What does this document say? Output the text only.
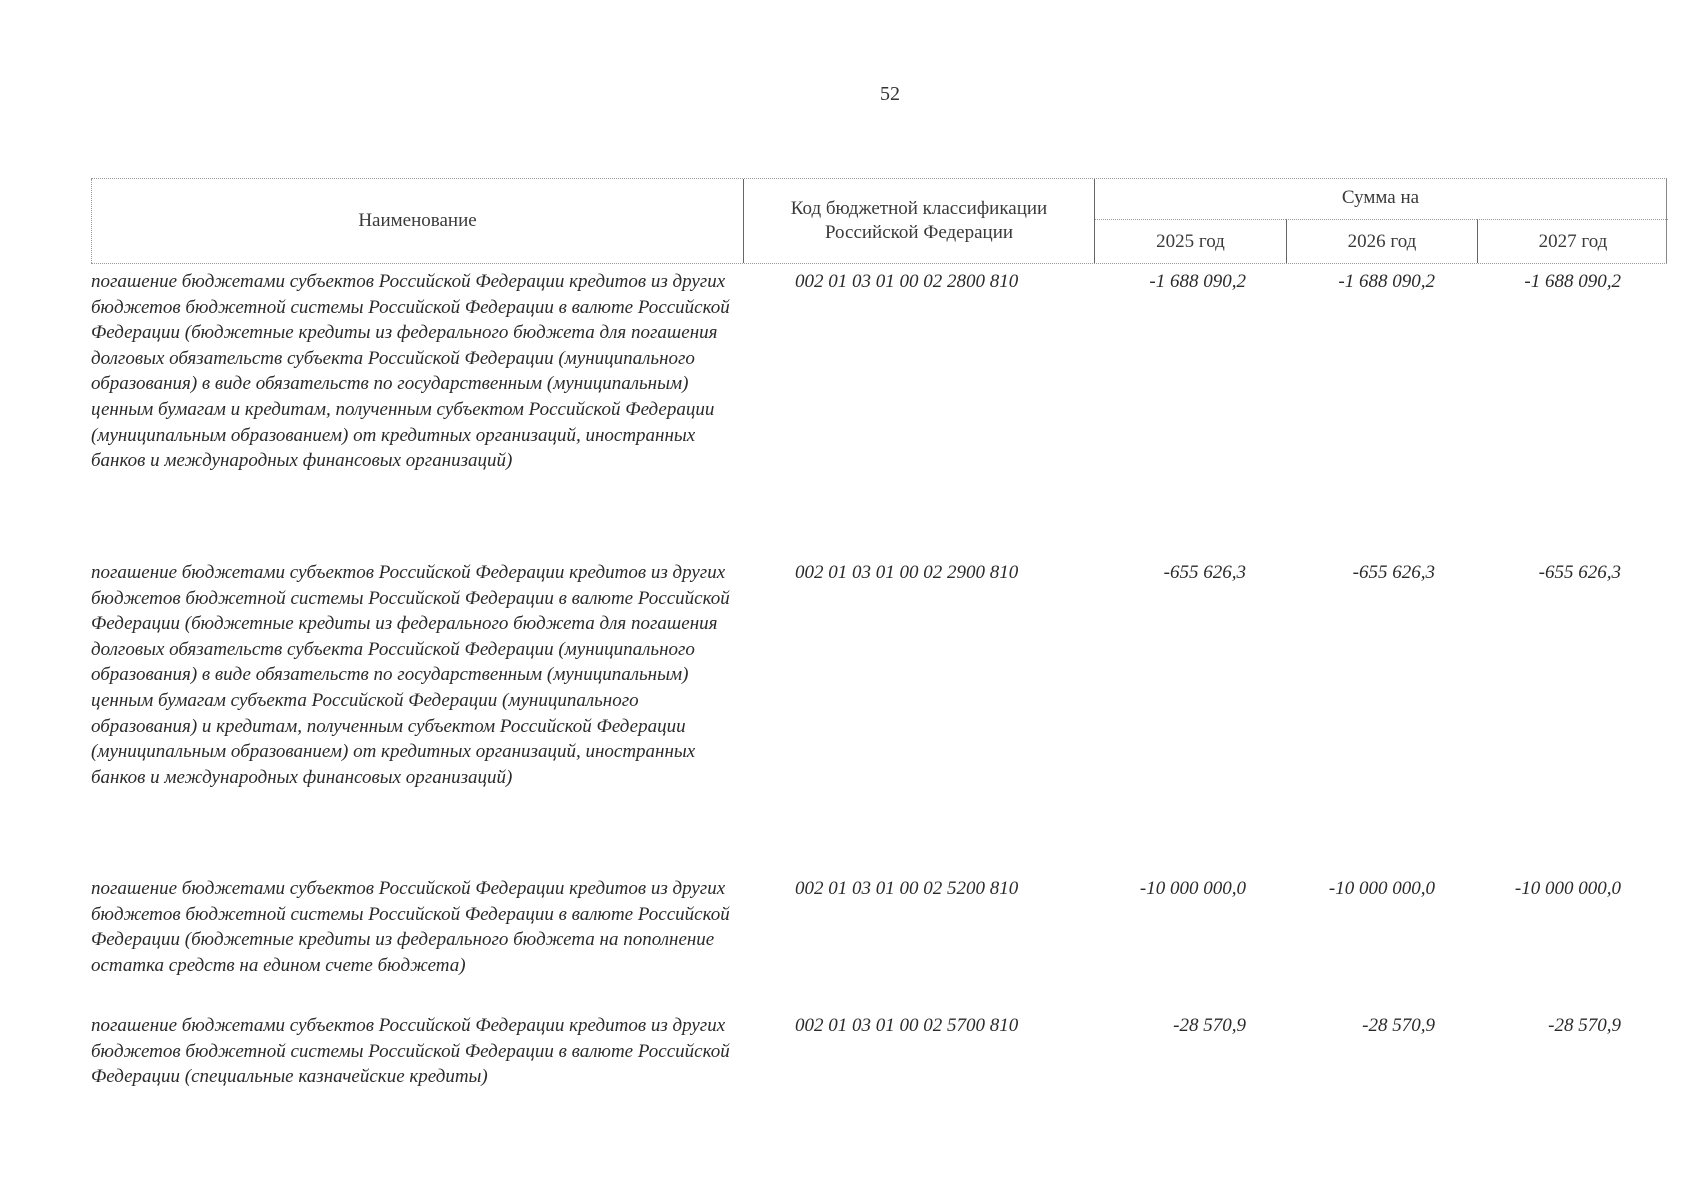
52
Наименование
Код бюджетной классификации Российской Федерации
Сумма на
2025 год	2026 год	2027 год
погашение бюджетами субъектов Российской Федерации кредитов из других бюджетов бюджетной системы Российской Федерации в валюте Российской Федерации (бюджетные кредиты из федерального бюджета для погашения долговых обязательств субъекта Российской Федерации (муниципального образования) в виде обязательств по государственным (муниципальным) ценным бумагам и кредитам, полученным субъектом Российской Федерации (муниципальным образованием) от кредитных организаций, иностранных банков и международных финансовых организаций)
002 01 03 01 00 02 2800 810	-1 688 090,2	-1 688 090,2	-1 688 090,2
погашение бюджетами субъектов Российской Федерации кредитов из других бюджетов бюджетной системы Российской Федерации в валюте Российской Федерации (бюджетные кредиты из федерального бюджета для погашения долговых обязательств субъекта Российской Федерации (муниципального образования) в виде обязательств по государственным (муниципальным) ценным бумагам субъекта Российской Федерации (муниципального образования) и кредитам, полученным субъектом Российской Федерации (муниципальным образованием) от кредитных организаций, иностранных банков и международных финансовых организаций)
002 01 03 01 00 02 2900 810	-655 626,3	-655 626,3	-655 626,3
погашение бюджетами субъектов Российской Федерации кредитов из других бюджетов бюджетной системы Российской Федерации в валюте Российской Федерации (бюджетные кредиты из федерального бюджета на пополнение остатка средств на едином счете бюджета)
002 01 03 01 00 02 5200 810	-10 000 000,0	-10 000 000,0	-10 000 000,0
погашение бюджетами субъектов Российской Федерации кредитов из других бюджетов бюджетной системы Российской Федерации в валюте Российской Федерации (специальные казначейские кредиты)
002 01 03 01 00 02 5700 810	-28 570,9	-28 570,9	-28 570,9
